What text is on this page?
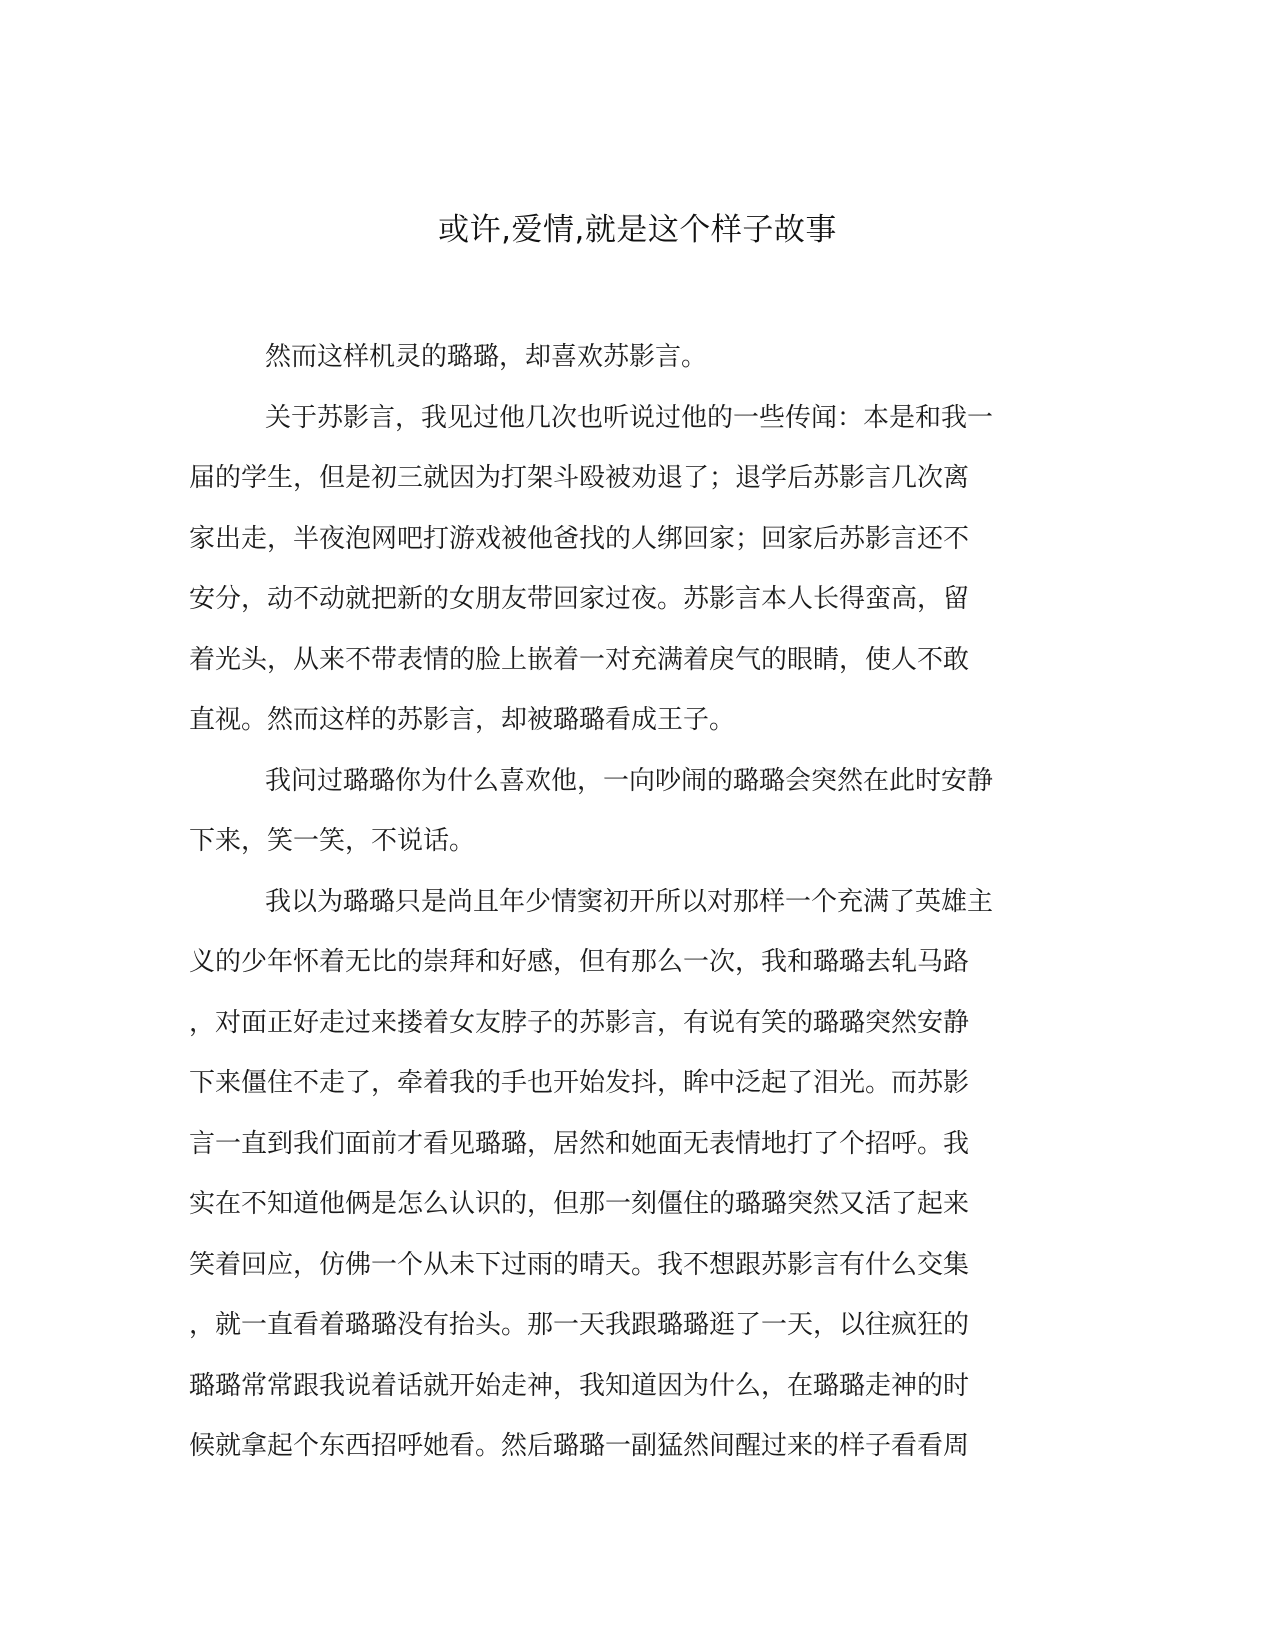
或许,爱情,就是这个样子故事
然而这样机灵的璐璐，却喜欢苏影言。
关于苏影言，我见过他几次也听说过他的一些传闻：本是和我一
届的学生，但是初三就因为打架斗殴被劝退了；退学后苏影言几次离
家出走，半夜泡网吧打游戏被他爸找的人绑回家；回家后苏影言还不
安分，动不动就把新的女朋友带回家过夜。苏影言本人长得蛮高，留
着光头，从来不带表情的脸上嵌着一对充满着戾气的眼睛，使人不敢
直视。然而这样的苏影言，却被璐璐看成王子。
我问过璐璐你为什么喜欢他，一向吵闹的璐璐会突然在此时安静
下来，笑一笑，不说话。
我以为璐璐只是尚且年少情窦初开所以对那样一个充满了英雄主
义的少年怀着无比的崇拜和好感，但有那么一次，我和璐璐去轧马路
，对面正好走过来搂着女友脖子的苏影言，有说有笑的璐璐突然安静
下来僵住不走了，牵着我的手也开始发抖，眸中泛起了泪光。而苏影
言一直到我们面前才看见璐璐，居然和她面无表情地打了个招呼。我
实在不知道他俩是怎么认识的，但那一刻僵住的璐璐突然又活了起来
笑着回应，仿佛一个从未下过雨的晴天。我不想跟苏影言有什么交集
，就一直看着璐璐没有抬头。那一天我跟璐璐逛了一天，以往疯狂的
璐璐常常跟我说着话就开始走神，我知道因为什么，在璐璐走神的时
候就拿起个东西招呼她看。然后璐璐一副猛然间醒过来的样子看看周
